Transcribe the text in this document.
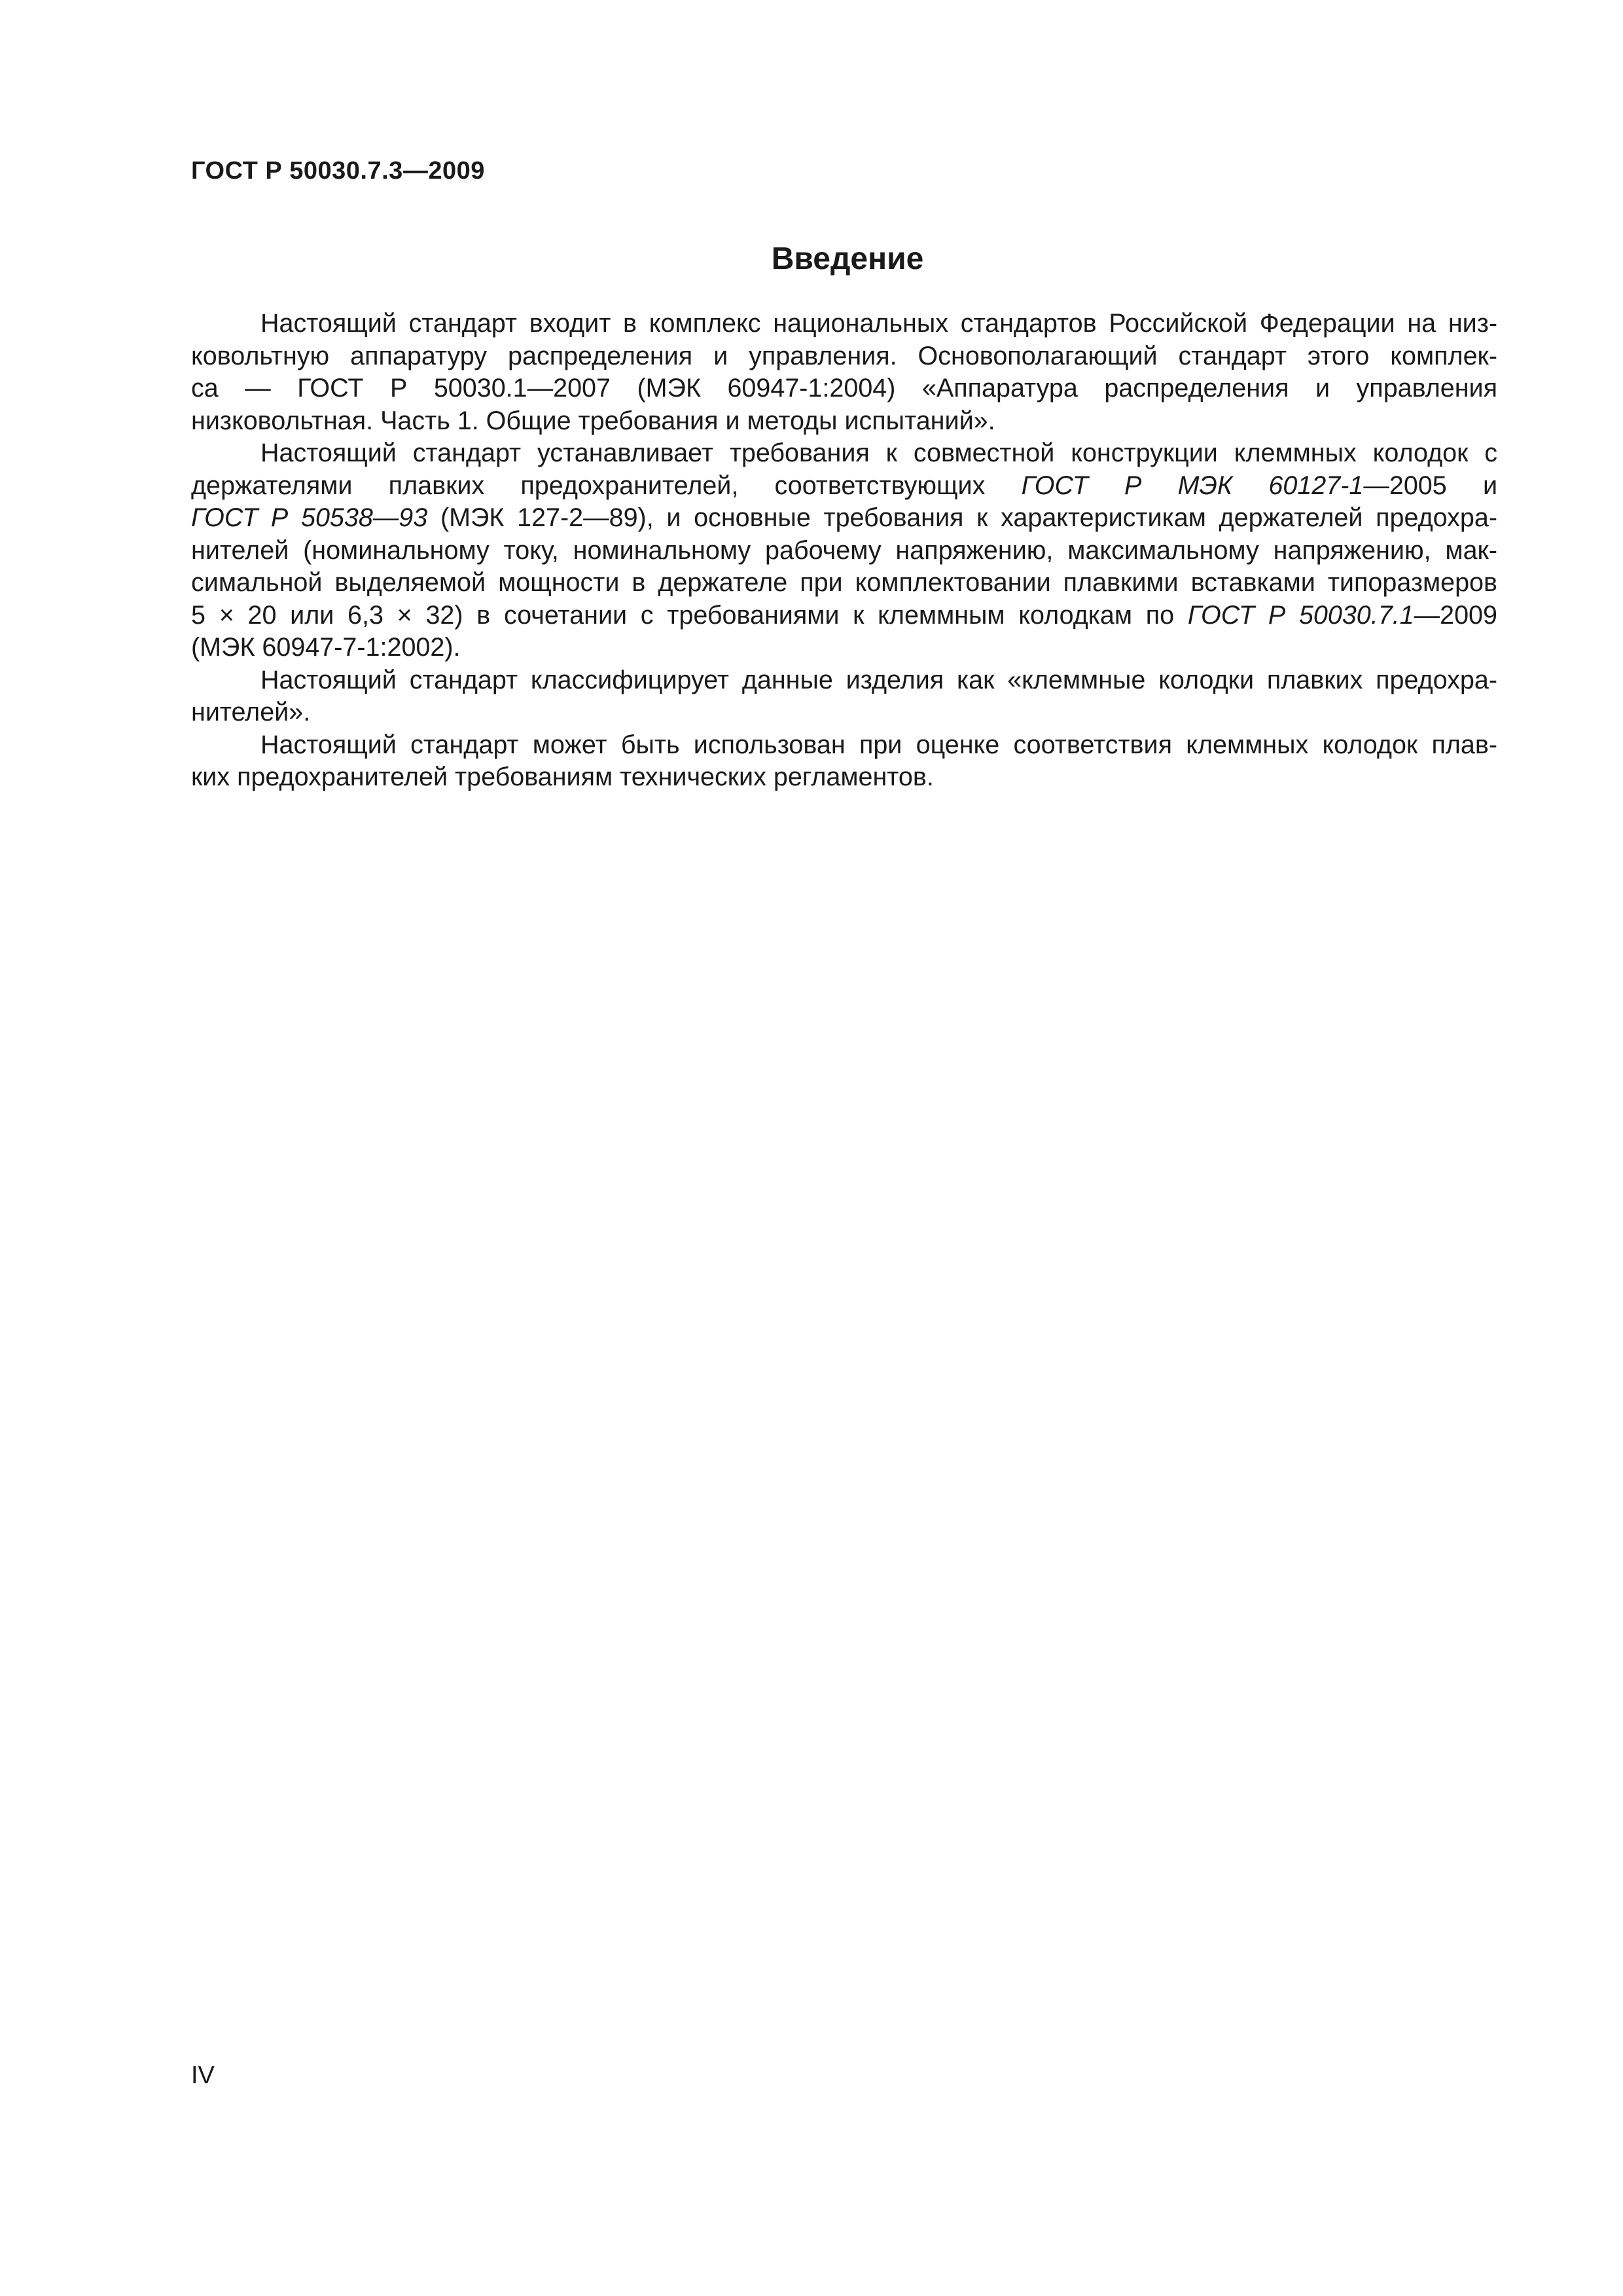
ГОСТ Р 50030.7.3—2009
Введение

Настоящий стандарт входит в комплекс национальных стандартов Российской Федерации на низ-
ковольтную аппаратуру распределения и управления. Основополагающий стандарт этого комплек-
са — ГОСТ Р 50030.1—2007 (МЭК 60947-1:2004) «Аппаратура распределения и управления
низковольтная. Часть 1. Общие требования и методы испытаний».

Настоящий стандарт устанавливает требования к совместной конструкции клеммных колодок с
держателями плавких предохранителей, соответствующих ГОСТ Р МЭК 60127-1—2005 и
ГОСТ Р 50538—93 (МЭК 127-2—89), и основные требования к характеристикам держателей предохра-
нителей (номинальному току, номинальному рабочему напряжению, максимальному напряжению, мак-
симальной выделяемой мощности в держателе при комплектовании плавкими вставками типоразмеров
5 × 20 или 6,3 × 32) в сочетании с требованиями к клеммным колодкам по ГОСТ Р 50030.7.1—2009
(МЭК 60947-7-1:2002).

Настоящий стандарт классифицирует данные изделия как «клеммные колодки плавких предохра-
нителей».

Настоящий стандарт может быть использован при оценке соответствия клеммных колодок плав-
ких предохранителей требованиям технических регламентов.

IV
